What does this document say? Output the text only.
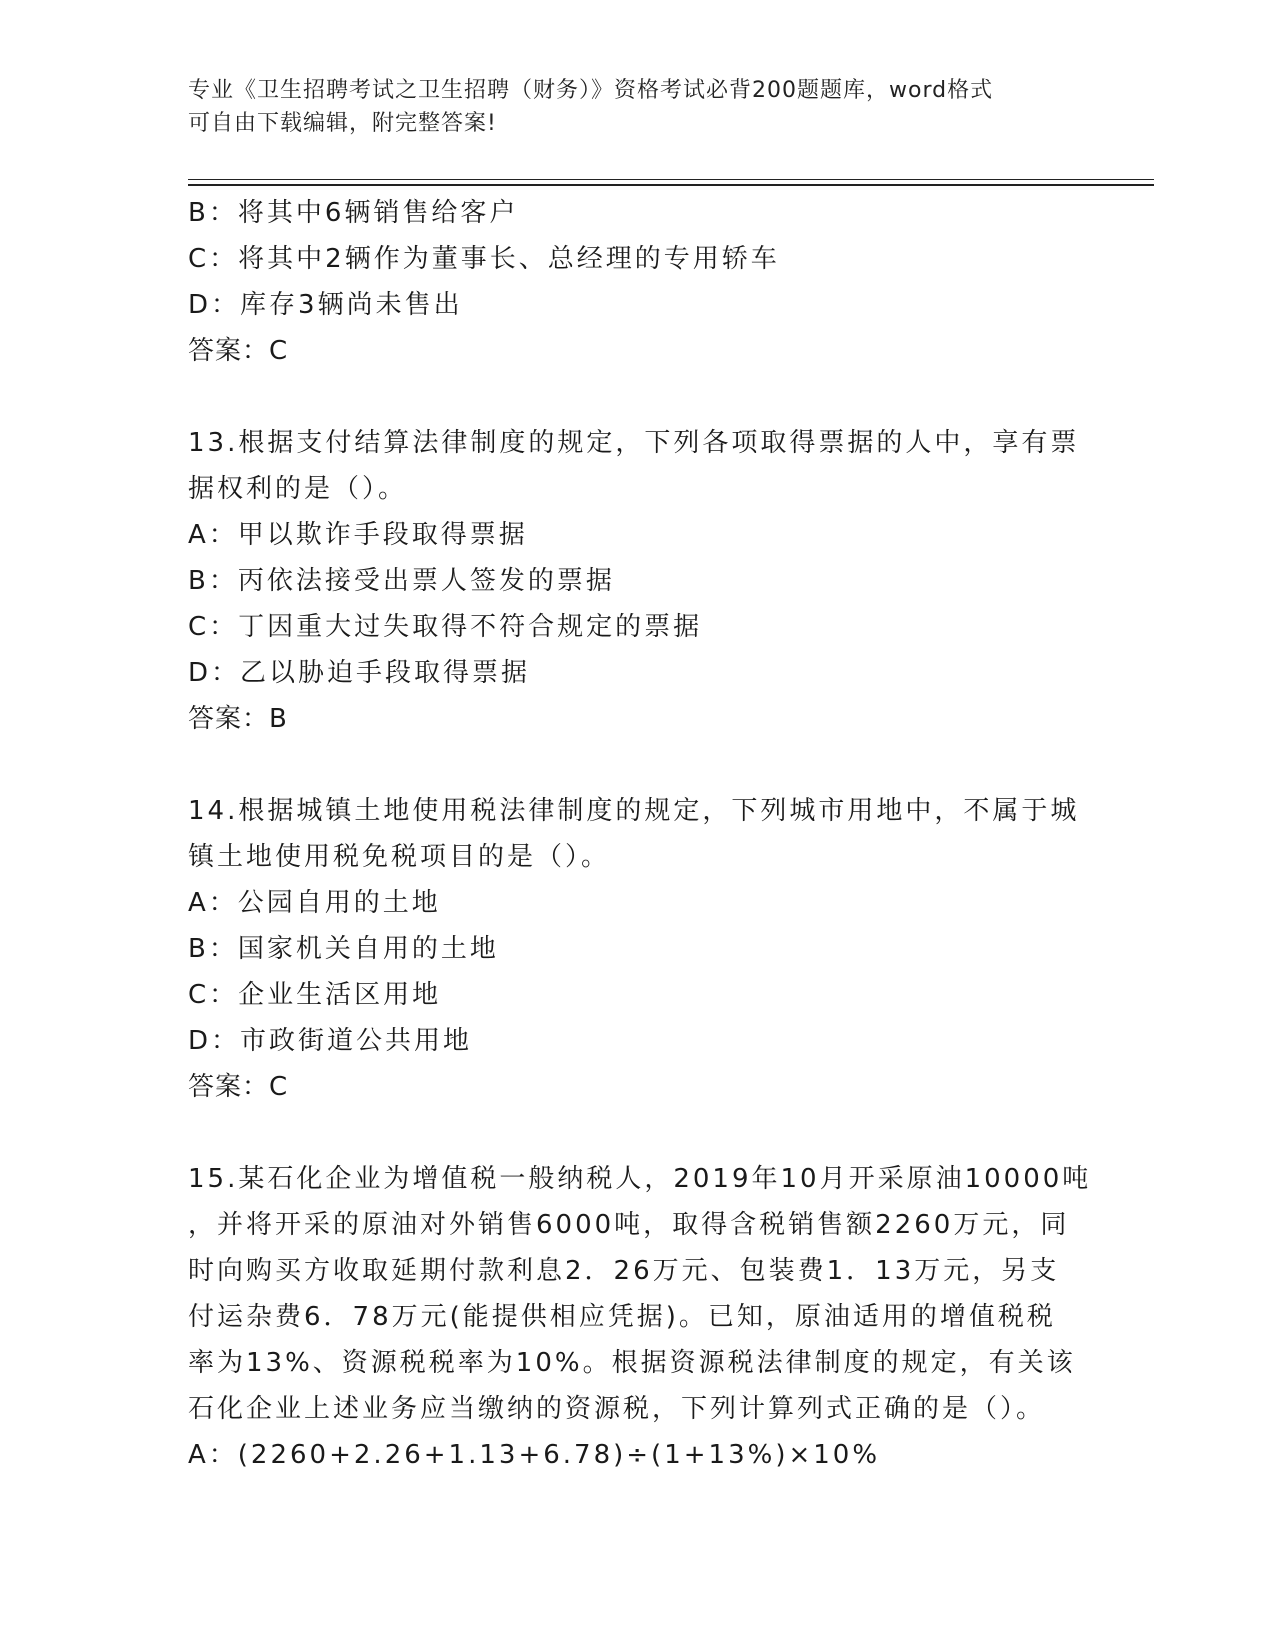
专业《卫生招聘考试之卫生招聘（财务）》资格考试必背200题题库，word格式
可自由下载编辑，附完整答案!
B：将其中6辆销售给客户
C：将其中2辆作为董事长、总经理的专用轿车
D：库存3辆尚未售出
答案：C
13.根据支付结算法律制度的规定，下列各项取得票据的人中，享有票
据权利的是（）。
A：甲以欺诈手段取得票据
B：丙依法接受出票人签发的票据
C：丁因重大过失取得不符合规定的票据
D：乙以胁迫手段取得票据
答案：B
14.根据城镇土地使用税法律制度的规定，下列城市用地中，不属于城
镇土地使用税免税项目的是（）。
A：公园自用的土地
B：国家机关自用的土地
C：企业生活区用地
D：市政街道公共用地
答案：C
15.某石化企业为增值税一般纳税人，2019年10月开采原油10000吨
，并将开采的原油对外销售6000吨，取得含税销售额2260万元，同
时向购买方收取延期付款利息2．26万元、包装费1．13万元，另支
付运杂费6．78万元(能提供相应凭据)。已知，原油适用的增值税税
率为13%、资源税税率为10%。根据资源税法律制度的规定，有关该
石化企业上述业务应当缴纳的资源税，下列计算列式正确的是（）。
A：(2260+2.26+1.13+6.78)÷(1+13%)×10%
